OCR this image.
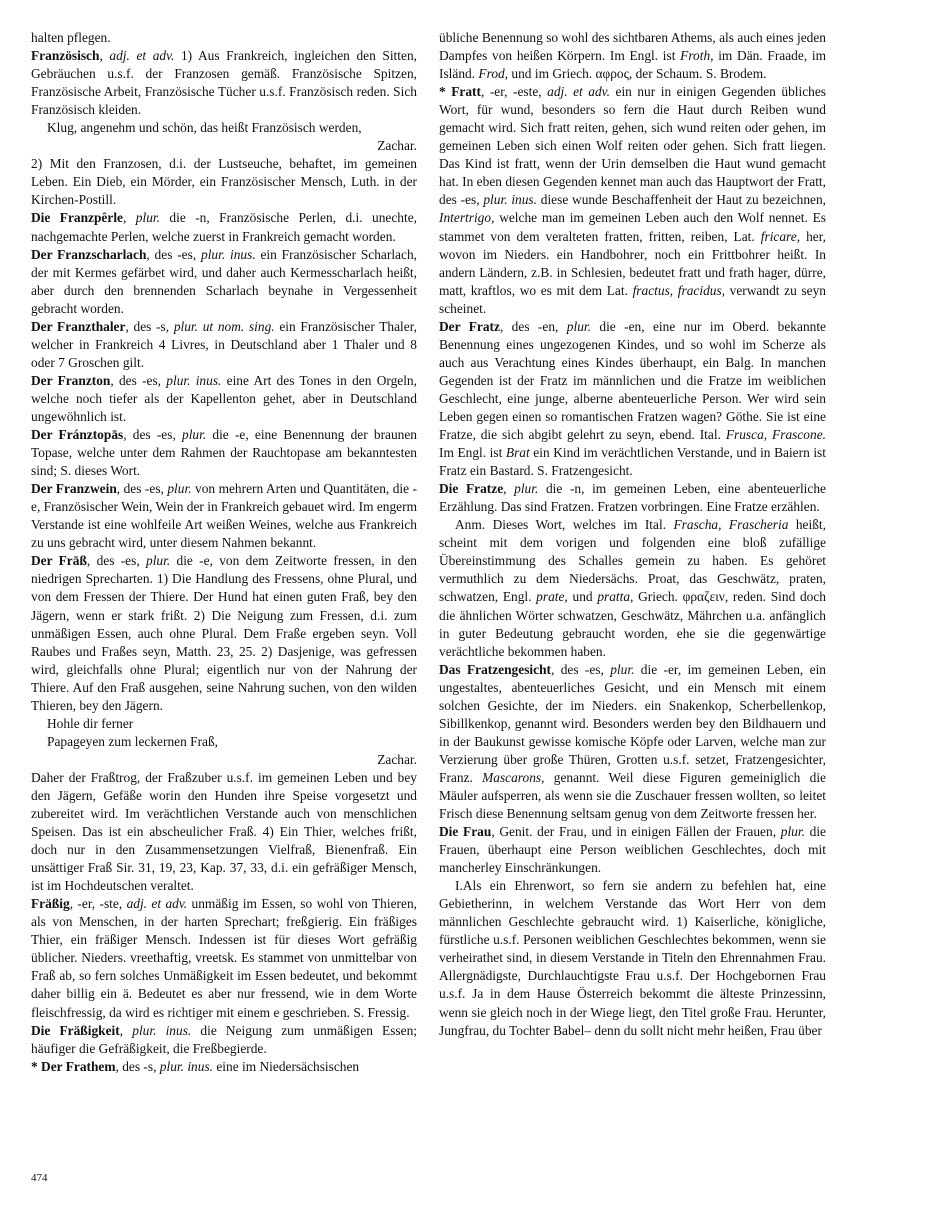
halten pflegen.

Französisch, adj. et adv. 1) Aus Frankreich, ingleichen den Sitten, Gebräuchen u.s.f. der Franzosen gemäß. Französische Spitzen, Französische Arbeit, Französische Tücher u.s.f. Französisch reden. Sich Französisch kleiden.

Klug, angenehm und schön, das heißt Französisch werden,

Zachar.

2) Mit den Franzosen, d.i. der Lustseuche, behaftet, im gemeinen Leben. Ein Dieb, ein Mörder, ein Französischer Mensch, Luth. in der Kirchen-Postill.

Die Franzpêrle, plur. die -n, Französische Perlen, d.i. unechte, nachgemachte Perlen, welche zuerst in Frankreich gemacht worden.

Der Franzscharlach, des -es, plur. inus. ein Französischer Scharlach, der mit Kermes gefärbet wird, und daher auch Kermesscharlach heißt, aber durch den brennenden Scharlach beynahe in Vergessenheit gebracht worden.

Der Franzthaler, des -s, plur. ut nom. sing. ein Französischer Thaler, welcher in Frankreich 4 Livres, in Deutschland aber 1 Thaler und 8 oder 7 Groschen gilt.

Der Franzton, des -es, plur. inus. eine Art des Tones in den Orgeln, welche noch tiefer als der Kapellenton gehet, aber in Deutschland ungewöhnlich ist.

Der Fránztopās, des -es, plur. die -e, eine Benennung der braunen Topase, welche unter dem Rahmen der Rauchtopase am bekanntesten sind; S. dieses Wort.

Der Franzwein, des -es, plur. von mehrern Arten und Quantitäten, die -e, Französischer Wein, Wein der in Frankreich gebauet wird. Im engerm Verstande ist eine wohlfeile Art weißen Weines, welche aus Frankreich zu uns gebracht wird, unter diesem Nahmen bekannt.

Der Frāß, des -es, plur. die -e, von dem Zeitworte fressen, in den niedrigen Sprecharten. 1) Die Handlung des Fressens, ohne Plural, und von dem Fressen der Thiere. Der Hund hat einen guten Fraß, bey den Jägern, wenn er stark frißt. 2) Die Neigung zum Fressen, d.i. zum unmäßigen Essen, auch ohne Plural. Dem Fraße ergeben seyn. Voll Raubes und Fraßes seyn, Matth. 23, 25. 2) Dasjenige, was gefressen wird, gleichfalls ohne Plural; eigentlich nur von der Nahrung der Thiere. Auf den Fraß ausgehen, seine Nahrung suchen, von den wilden Thieren, bey den Jägern.

Hohle dir ferner

Papageyen zum leckernen Fraß,

Zachar.

Daher der Fraßtrog, der Fraßzuber u.s.f. im gemeinen Leben und bey den Jägern, Gefäße worin den Hunden ihre Speise vorgesetzt und zubereitet wird. Im verächtlichen Verstande auch von menschlichen Speisen. Das ist ein abscheulicher Fraß. 4) Ein Thier, welches frißt, doch nur in den Zusammensetzungen Vielfraß, Bienenfraß. Ein unsättiger Fraß Sir. 31, 19, 23, Kap. 37, 33, d.i. ein gefräßiger Mensch, ist im Hochdeutschen veraltet.

Fräßig, -er, -ste, adj. et adv. unmäßig im Essen, so wohl von Thieren, als von Menschen, in der harten Sprechart; freßgierig. Ein fräßiges Thier, ein fräßiger Mensch. Indessen ist für dieses Wort gefräßig üblicher. Nieders. vreethaftig, vreetsk. Es stammet von unmittelbar von Fraß ab, so fern solches Unmäßigkeit im Essen bedeutet, und bekommt daher billig ein ä. Bedeutet es aber nur fressend, wie in dem Worte fleischfressig, da wird es richtiger mit einem e geschrieben. S. Fressig.

Die Fräßigkeit, plur. inus. die Neigung zum unmäßigen Essen; häufiger die Gefräßigkeit, die Freßbegierde.

* Der Frathem, des -s, plur. inus. eine im Niedersächsischen

übliche Benennung so wohl des sichtbaren Athems, als auch eines jeden Dampfes von heißen Körpern. Im Engl. ist Froth, im Dän. Fraade, im Isländ. Frod, und im Griech. αφρος, der Schaum. S. Brodem.

* Fratt, -er, -este, adj. et adv. ein nur in einigen Gegenden übliches Wort, für wund, besonders so fern die Haut durch Reiben wund gemacht wird. Sich fratt reiten, gehen, sich wund reiten oder gehen, im gemeinen Leben sich einen Wolf reiten oder gehen. Sich fratt liegen. Das Kind ist fratt, wenn der Urin demselben die Haut wund gemacht hat. In eben diesen Gegenden kennet man auch das Hauptwort der Fratt, des -es, plur. inus. diese wunde Beschaffenheit der Haut zu bezeichnen, Intertrigo, welche man im gemeinen Leben auch den Wolf nennet. Es stammet von dem veralteten fratten, fritten, reiben, Lat. fricare, her, wovon im Nieders. ein Handbohrer, noch ein Frittbohrer heißt. In andern Ländern, z.B. in Schlesien, bedeutet fratt und frath hager, dürre, matt, kraftlos, wo es mit dem Lat. fractus, fracidus, verwandt zu seyn scheinet.

Der Fratz, des -en, plur. die -en, eine nur im Oberd. bekannte Benennung eines ungezogenen Kindes, und so wohl im Scherze als auch aus Verachtung eines Kindes überhaupt, ein Balg. In manchen Gegenden ist der Fratz im männlichen und die Fratze im weiblichen Geschlecht, eine junge, alberne abenteuerliche Person. Wer wird sein Leben gegen einen so romantischen Fratzen wagen? Göthe. Sie ist eine Fratze, die sich abgibt gelehrt zu seyn, ebend. Ital. Frusca, Frascone. Im Engl. ist Brat ein Kind im verächtlichen Verstande, und in Baiern ist Fratz ein Bastard. S. Fratzengesicht.

Die Fratze, plur. die -n, im gemeinen Leben, eine abenteuerliche Erzählung. Das sind Fratzen. Fratzen vorbringen. Eine Fratze erzählen.

Anm. Dieses Wort, welches im Ital. Frascha, Frascheria heißt, scheint mit dem vorigen und folgenden eine bloß zufällige Übereinstimmung des Schalles gemein zu haben. Es gehöret vermuthlich zu dem Niedersächs. Proat, das Geschwätz, praten, schwatzen, Engl. prate, und pratta, Griech. φραζειν, reden. Sind doch die ähnlichen Wörter schwatzen, Geschwätz, Mährchen u.a. anfänglich in guter Bedeutung gebraucht worden, ehe sie die gegenwärtige verächtliche bekommen haben.

Das Fratzengesicht, des -es, plur. die -er, im gemeinen Leben, ein ungestaltes, abenteuerliches Gesicht, und ein Mensch mit einem solchen Gesichte, der im Nieders. ein Snakenkop, Scherbellenkop, Sibillkenkop, genannt wird. Besonders werden bey den Bildhauern und in der Baukunst gewisse komische Köpfe oder Larven, welche man zur Verzierung über große Thüren, Grotten u.s.f. setzet, Fratzengesichter, Franz. Mascarons, genannt. Weil diese Figuren gemeiniglich die Mäuler aufsperren, als wenn sie die Zuschauer fressen wollten, so leitet Frisch diese Benennung seltsam genug von dem Zeitworte fressen her.

Die Frau, Genit. der Frau, und in einigen Fällen der Frauen, plur. die Frauen, überhaupt eine Person weiblichen Geschlechtes, doch mit mancherley Einschränkungen.

I.Als ein Ehrenwort, so fern sie andern zu befehlen hat, eine Gebietherinn, in welchem Verstande das Wort Herr von dem männlichen Geschlechte gebraucht wird. 1) Kaiserliche, königliche, fürstliche u.s.f. Personen weiblichen Geschlechtes bekommen, wenn sie verheirathet sind, in diesem Verstande in Titeln den Ehrennahmen Frau. Allergnädigste, Durchlauchtigste Frau u.s.f. Der Hochgebornen Frau u.s.f. Ja in dem Hause Österreich bekommt die älteste Prinzessinn, wenn sie gleich noch in der Wiege liegt, den Titel große Frau. Herunter, Jungfrau, du Tochter Babel– denn du sollt nicht mehr heißen, Frau über

474
